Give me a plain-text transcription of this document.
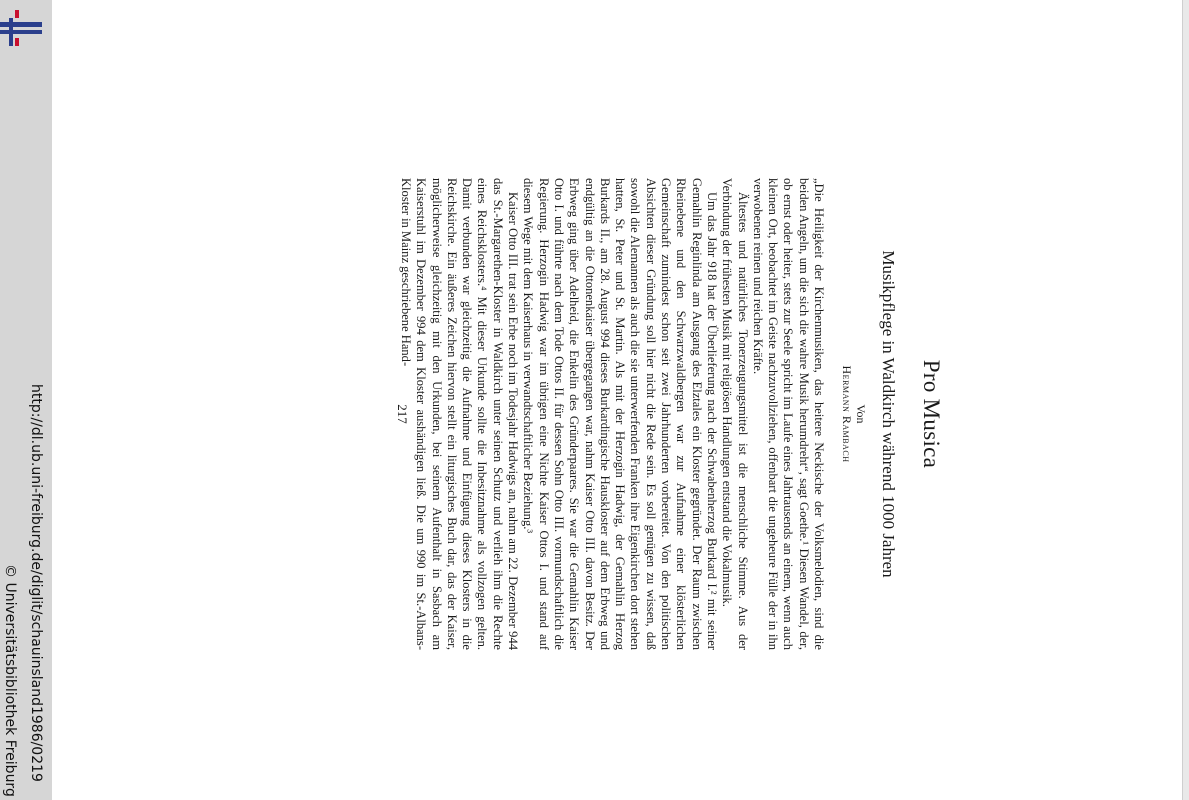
http://dl.ub.uni-freiburg.de/diglit/schauinsland1986/0219
© Universitätsbibliothek Freiburg
Pro Musica
Musikpflege in Waldkirch während 1000 Jahren
Von
Hermann Rambach

„Die Heiligkeit der Kirchenmusiken, das heitere Neckische der Volksmelodien, sind die beiden Angeln, um die sich die wahre Musik herumdreht“, sagt Goethe.¹ Diesen Wandel, der, ob ernst oder heiter, stets zur Seele spricht im Laufe eines Jahrtausends an einem, wenn auch kleinen Ort, beobachtet im Geiste nachzuvollziehen, offenbart die ungeheure Fülle der in ihn verwobenen reinen und reichen Kräfte.

Ältestes und natürliches Tonerzeugungsmittel ist die menschliche Stimme. Aus der Verbindung der frühesten Musik mit religiösen Handlungen entstand die Vokalmusik.

Um das Jahr 918 hat der Überlieferung nach der Schwabenherzog Burkard I.² mit seiner Gemahlin Reginlinda am Ausgang des Elztales ein Kloster gegründet. Der Raum zwischen Rheinebene und den Schwarzwaldbergen war zur Aufnahme einer klösterlichen Gemeinschaft zumindest schon seit zwei Jahrhunderten vorbereitet. Von den politischen Absichten dieser Gründung soll hier nicht die Rede sein. Es soll genügen zu wissen, daß sowohl die Alemannen als auch die sie unterwerfenden Franken ihre Eigenkirchen dort stehen hatten, St. Peter und St. Martin. Als mit der Herzogin Hadwig, der Gemahlin Herzog Burkards II., am 28. August 994 dieses Burkardingische Hauskloster auf dem Erbweg und endgültig an die Ottonenkaiser übergegangen war, nahm Kaiser Otto III. davon Besitz. Der Erbweg ging über Adelheid, die Enkelin des Gründerpaares. Sie war die Gemahlin Kaiser Otto I. und führte nach dem Tode Ottos II. für dessen Sohn Otto III. vormundschaftlich die Regierung. Herzogin Hadwig war im übrigen eine Nichte Kaiser Ottos I. und stand auf diesem Wege mit dem Kaiserhaus in verwandtschaftlicher Beziehung.³

Kaiser Otto III. trat sein Erbe noch im Todesjahr Hadwigs an, nahm am 22. Dezember 944 das St.-Margarethen-Kloster in Waldkirch unter seinen Schutz und verlieh ihm die Rechte eines Reichsklosters.⁴ Mit dieser Urkunde sollte die Inbesitznahme als vollzogen gelten. Damit verbunden war gleichzeitig die Aufnahme und Einfügung dieses Klosters in die Reichskirche. Ein äußeres Zeichen hiervon stellt ein liturgisches Buch dar, das der Kaiser, möglicherweise gleichzeitig mit den Urkunden, bei seinem Aufenthalt in Sasbach am Kaiserstuhl im Dezember 994 dem Kloster aushändigen ließ. Die um 990 im St.-Albans-Kloster in Mainz geschriebene Hand-

217
